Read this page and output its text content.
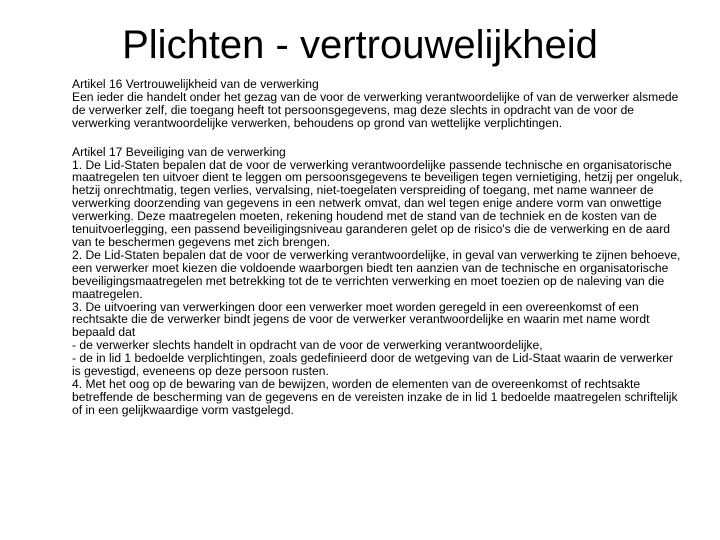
Plichten - vertrouwelijkheid

Artikel 16 Vertrouwelijkheid van de verwerking

Een ieder die handelt onder het gezag van de voor de verwerking verantwoordelijke of van de verwerker alsmede de verwerker zelf, die toegang heeft tot persoonsgegevens, mag deze slechts in opdracht van de voor de verwerking verantwoordelijke verwerken, behoudens op grond van wettelijke verplichtingen.

Artikel 17 Beveiliging van de verwerking

1. De Lid-Staten bepalen dat de voor de verwerking verantwoordelijke passende technische en organisatorische maatregelen ten uitvoer dient te leggen om persoonsgegevens te beveiligen tegen vernietiging, hetzij per ongeluk, hetzij onrechtmatig, tegen verlies, vervalsing, niet-toegelaten verspreiding of toegang, met name wanneer de verwerking doorzending van gegevens in een netwerk omvat, dan wel tegen enige andere vorm van onwettige verwerking. Deze maatregelen moeten, rekening houdend met de stand van de techniek en de kosten van de tenuitvoerlegging, een passend beveiligingsniveau garanderen gelet op de risico's die de verwerking en de aard van te beschermen gegevens met zich brengen.

2. De Lid-Staten bepalen dat de voor de verwerking verantwoordelijke, in geval van verwerking te zijnen behoeve, een verwerker moet kiezen die voldoende waarborgen biedt ten aanzien van de technische en organisatorische beveiligingsmaatregelen met betrekking tot de te verrichten verwerking en moet toezien op de naleving van die maatregelen.

3. De uitvoering van verwerkingen door een verwerker moet worden geregeld in een overeenkomst of een rechtsakte die de verwerker bindt jegens de voor de verwerker verantwoordelijke en waarin met name wordt bepaald dat

- de verwerker slechts handelt in opdracht van de voor de verwerking verantwoordelijke,

- de in lid 1 bedoelde verplichtingen, zoals gedefinieerd door de wetgeving van de Lid-Staat waarin de verwerker is gevestigd, eveneens op deze persoon rusten.

4. Met het oog op de bewaring van de bewijzen, worden de elementen van de overeenkomst of rechtsakte betreffende de bescherming van de gegevens en de vereisten inzake de in lid 1 bedoelde maatregelen schriftelijk of in een gelijkwaardige vorm vastgelegd.
